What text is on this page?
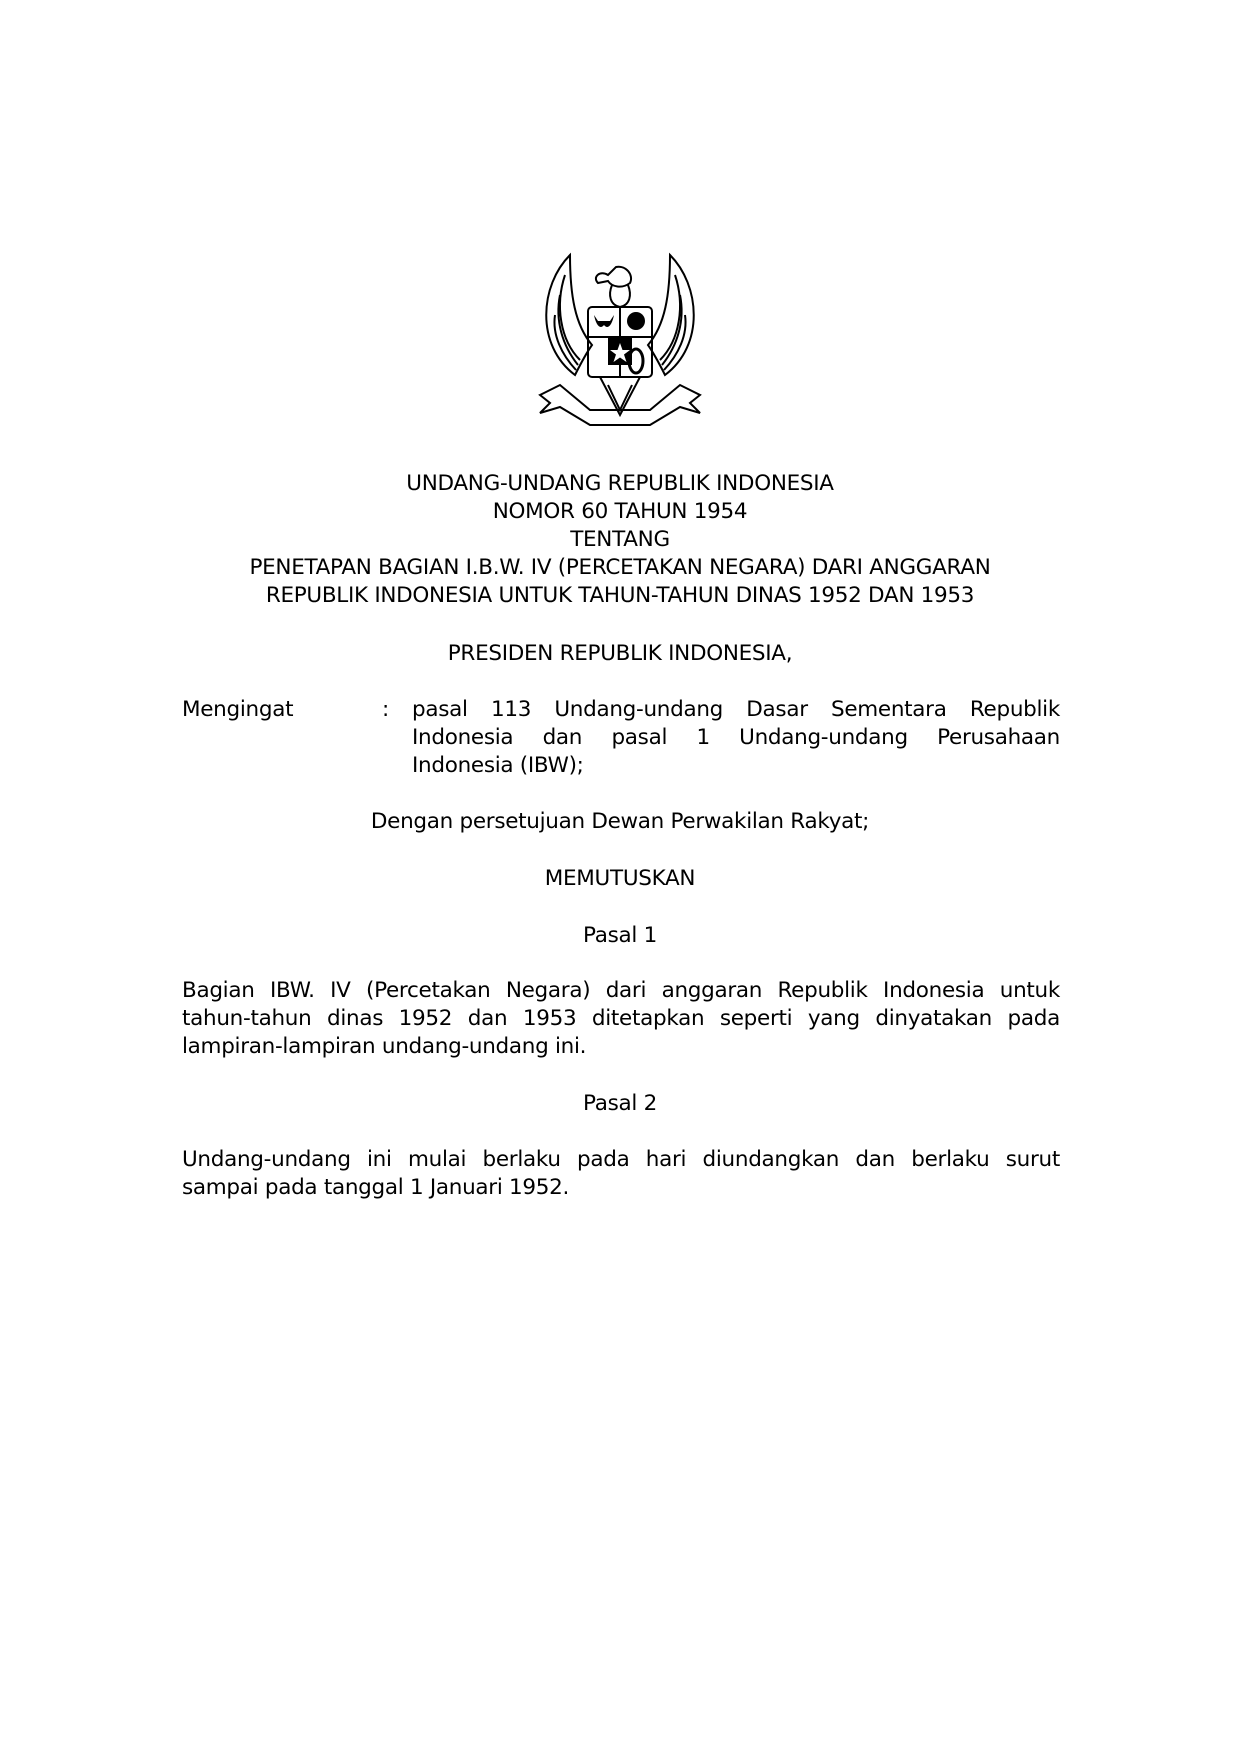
UNDANG-UNDANG REPUBLIK INDONESIA
NOMOR 60 TAHUN 1954
TENTANG
PENETAPAN BAGIAN I.B.W. IV (PERCETAKAN NEGARA) DARI ANGGARAN
REPUBLIK INDONESIA UNTUK TAHUN-TAHUN DINAS 1952 DAN 1953
PRESIDEN REPUBLIK INDONESIA,
Mengingat	: pasal 113 Undang-undang Dasar Sementara Republik
Indonesia dan pasal 1 Undang-undang Perusahaan
Indonesia (IBW);
Dengan persetujuan Dewan Perwakilan Rakyat;
MEMUTUSKAN
Pasal 1
Bagian IBW. IV (Percetakan Negara) dari anggaran Republik Indonesia untuk
tahun-tahun dinas 1952 dan 1953 ditetapkan seperti yang dinyatakan pada
lampiran-lampiran undang-undang ini.
Pasal 2
Undang-undang ini mulai berlaku pada hari diundangkan dan berlaku surut
sampai pada tanggal 1 Januari 1952.
